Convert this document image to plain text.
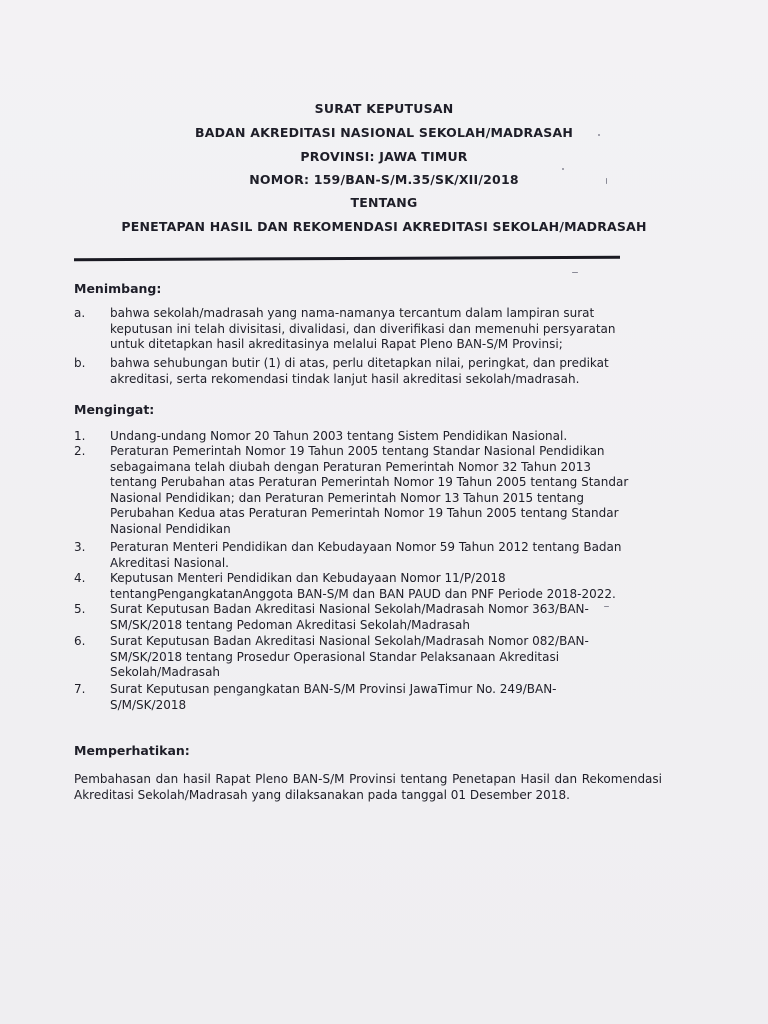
SURAT KEPUTUSAN
BADAN AKREDITASI NASIONAL SEKOLAH/MADRASAH
PROVINSI: JAWA TIMUR
NOMOR: 159/BAN-S/M.35/SK/XII/2018
TENTANG
PENETAPAN HASIL DAN REKOMENDASI AKREDITASI SEKOLAH/MADRASAH
Menimbang:
a.	bahwa sekolah/madrasah yang nama-namanya tercantum dalam lampiran surat
keputusan ini telah divisitasi, divalidasi, dan diverifikasi dan memenuhi persyaratan
untuk ditetapkan hasil akreditasinya melalui Rapat Pleno BAN-S/M Provinsi;
b.	bahwa sehubungan butir (1) di atas, perlu ditetapkan nilai, peringkat, dan predikat
akreditasi, serta rekomendasi tindak lanjut hasil akreditasi sekolah/madrasah.
Mengingat:
1.	Undang-undang Nomor 20 Tahun 2003 tentang Sistem Pendidikan Nasional.
2.	Peraturan Pemerintah Nomor 19 Tahun 2005 tentang Standar Nasional Pendidikan
sebagaimana telah diubah dengan Peraturan Pemerintah Nomor 32 Tahun 2013
tentang Perubahan atas Peraturan Pemerintah Nomor 19 Tahun 2005 tentang Standar
Nasional Pendidikan; dan Peraturan Pemerintah Nomor 13 Tahun 2015 tentang
Perubahan Kedua atas Peraturan Pemerintah Nomor 19 Tahun 2005 tentang Standar
Nasional Pendidikan
3.	Peraturan Menteri Pendidikan dan Kebudayaan Nomor 59 Tahun 2012 tentang Badan
Akreditasi Nasional.
4.	Keputusan Menteri Pendidikan dan Kebudayaan Nomor 11/P/2018
tentangPengangkatanAnggota BAN-S/M dan BAN PAUD dan PNF Periode 2018-2022.
5.	Surat Keputusan Badan Akreditasi Nasional Sekolah/Madrasah Nomor 363/BAN-
SM/SK/2018 tentang Pedoman Akreditasi Sekolah/Madrasah
6.	Surat Keputusan Badan Akreditasi Nasional Sekolah/Madrasah Nomor 082/BAN-
SM/SK/2018 tentang Prosedur Operasional Standar Pelaksanaan Akreditasi
Sekolah/Madrasah
7.	Surat Keputusan pengangkatan BAN-S/M Provinsi JawaTimur No. 249/BAN-
S/M/SK/2018
Memperhatikan:
Pembahasan dan hasil Rapat Pleno BAN-S/M Provinsi tentang Penetapan Hasil dan Rekomendasi Akreditasi Sekolah/Madrasah yang dilaksanakan pada tanggal 01 Desember 2018.
